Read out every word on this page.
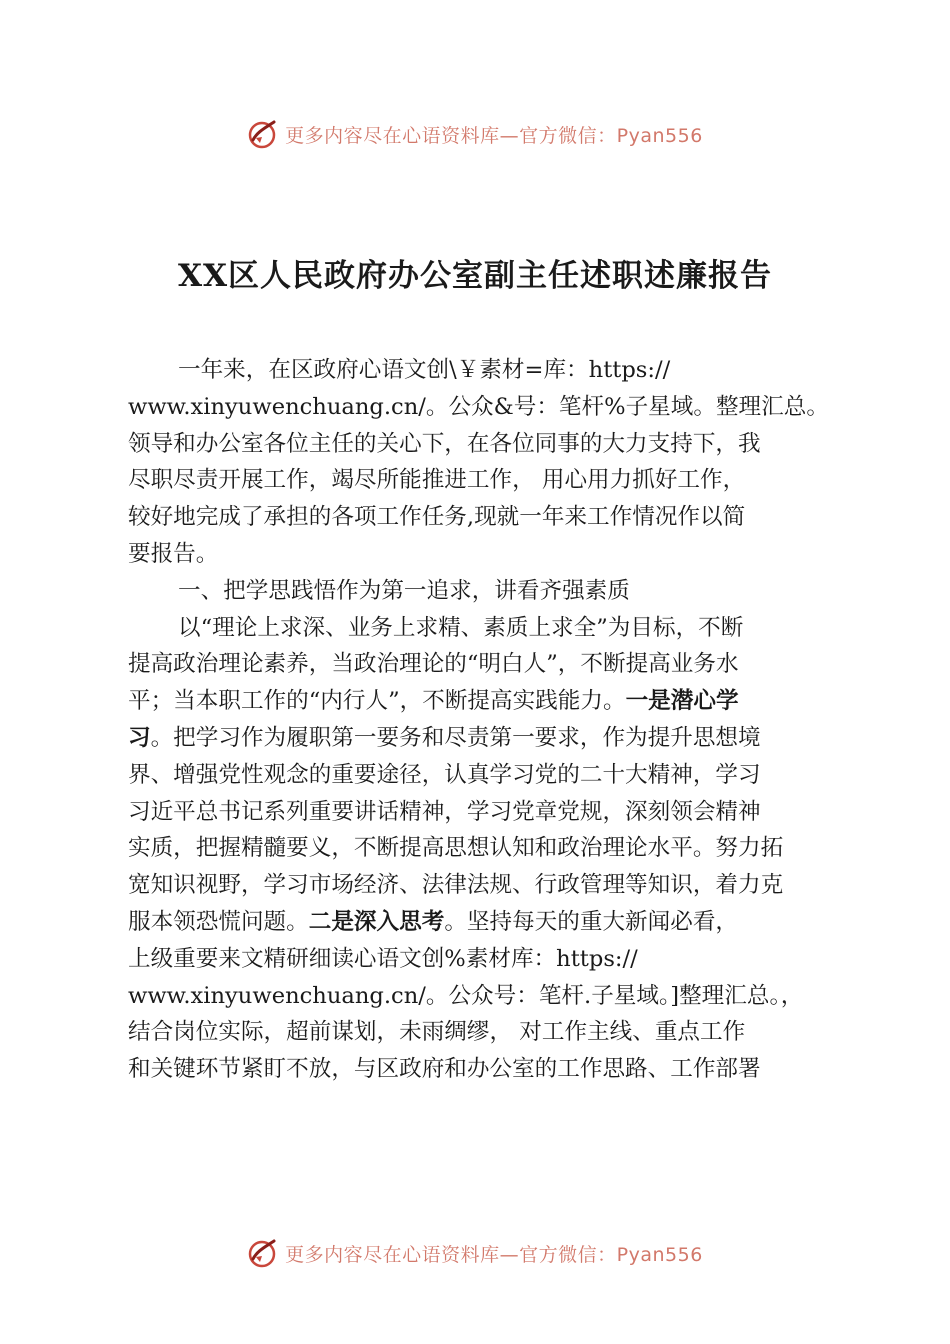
更多内容尽在心语资料库—官方微信：Pyan556
XX区人民政府办公室副主任述职述廉报告
一年来，在区政府心语文创\￥素材=库：https://
www.xinyuwenchuang.cn/。公众&号：笔杆%子星域。整理汇总。
领导和办公室各位主任的关心下，在各位同事的大力支持下，我
尽职尽责开展工作，竭尽所能推进工作， 用心用力抓好工作，
较好地完成了承担的各项工作任务,现就一年来工作情况作以简
要报告。
一、把学思践悟作为第一追求，讲看齐强素质
以“理论上求深、业务上求精、素质上求全”为目标，不断
提高政治理论素养，当政治理论的“明白人”，不断提高业务水
平；当本职工作的“内行人”，不断提高实践能力。一是潜心学
习。把学习作为履职第一要务和尽责第一要求，作为提升思想境
界、增强党性观念的重要途径，认真学习党的二十大精神，学习
习近平总书记系列重要讲话精神，学习党章党规，深刻领会精神
实质，把握精髓要义，不断提高思想认知和政治理论水平。努力拓
宽知识视野，学习市场经济、法律法规、行政管理等知识，着力克
服本领恐慌问题。二是深入思考。坚持每天的重大新闻必看，
上级重要来文精研细读心语文创%素材库：https://
www.xinyuwenchuang.cn/。公众号：笔杆.子星域。]整理汇总。，
结合岗位实际，超前谋划，未雨绸缪， 对工作主线、重点工作
和关键环节紧盯不放，与区政府和办公室的工作思路、工作部署
更多内容尽在心语资料库—官方微信：Pyan556
